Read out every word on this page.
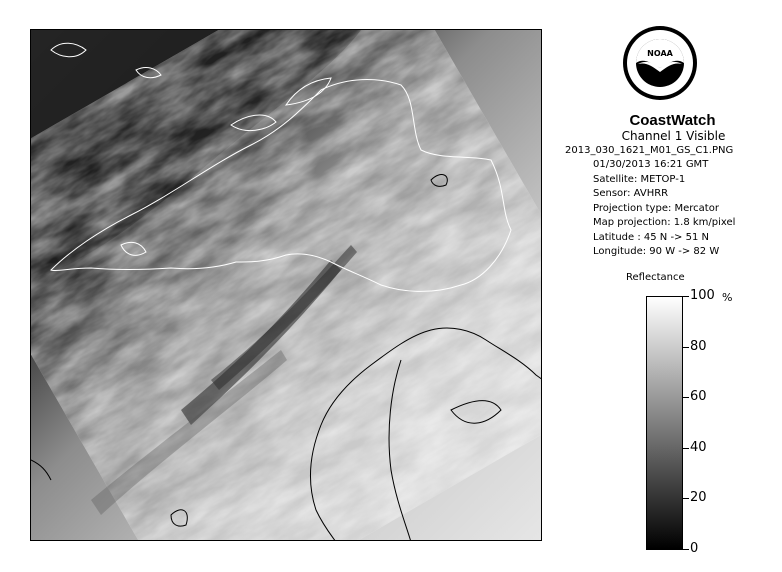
NOAA
CoastWatch
Channel 1 Visible
2013_030_1621_M01_GS_C1.PNG
01/30/2013 16:21 GMT
Satellite: METOP-1
Sensor: AVHRR
Projection type: Mercator
Map projection: 1.8 km/pixel
Latitude : 45 N -> 51 N
Longitude: 90 W -> 82 W
Reflectance
%
100
80
60
40
20
0
